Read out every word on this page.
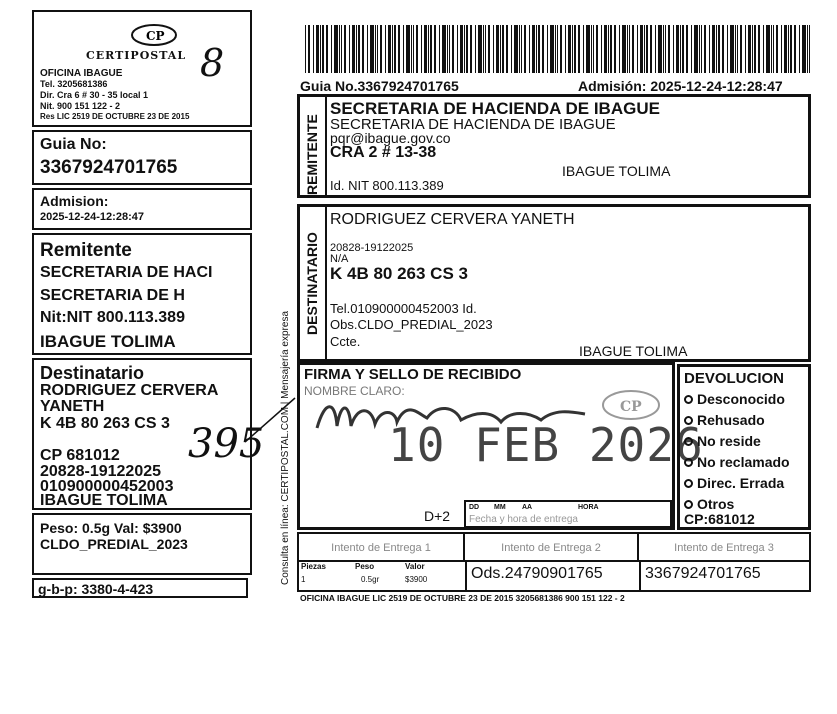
CP
CERTIPOSTAL
OFICINA IBAGUE
Tel. 3205681386
Dir. Cra 6 # 30 - 35 local 1
Nit. 900 151 122 - 2
Res LIC 2519 DE OCTUBRE 23 DE 2015
8
Guia No:
3367924701765
Admision:
2025-12-24-12:28:47
Remitente
SECRETARIA DE HACI
SECRETARIA DE H
Nit:NIT 800.113.389
IBAGUE TOLIMA
Destinatario
RODRIGUEZ CERVERA
YANETH
K 4B 80 263 CS 3
CP 681012
20828-19122025
010900000452003
IBAGUE TOLIMA
395
Peso: 0.5g Val: $3900
CLDO_PREDIAL_2023
g-b-p: 3380-4-423
Guia No.3367924701765	Admisión: 2025-12-24-12:28:47
Consulta en línea: CERTIPOSTAL.COM | Mensajería expresa
REMITENTE
SECRETARIA DE HACIENDA DE IBAGUE
SECRETARIA DE HACIENDA DE IBAGUE
pqr@ibague.gov.co
CRA 2 # 13-38
IBAGUE TOLIMA
Id. NIT 800.113.389
DESTINATARIO
RODRIGUEZ CERVERA YANETH
20828-19122025
N/A
K 4B 80 263 CS 3
Tel.010900000452003 Id.
Obs.CLDO_PREDIAL_2023
Ccte.
IBAGUE TOLIMA
FIRMA Y SELLO DE RECIBIDO
NOMBRE CLARO:
CP
10 FEB 2026
D+2
DD MM AA	HORA
Fecha y hora de entrega
DEVOLUCION
Desconocido
Rehusado
No reside
No reclamado
Direc. Errada
Otros
CP:681012
Intento de Entrega 1	Intento de Entrega 2	Intento de Entrega 3
Piezas	Peso	Valor
1	0.5gr	$3900	Ods.24790901765	3367924701765
OFICINA IBAGUE LIC 2519 DE OCTUBRE 23 DE 2015 3205681386 900 151 122 - 2
